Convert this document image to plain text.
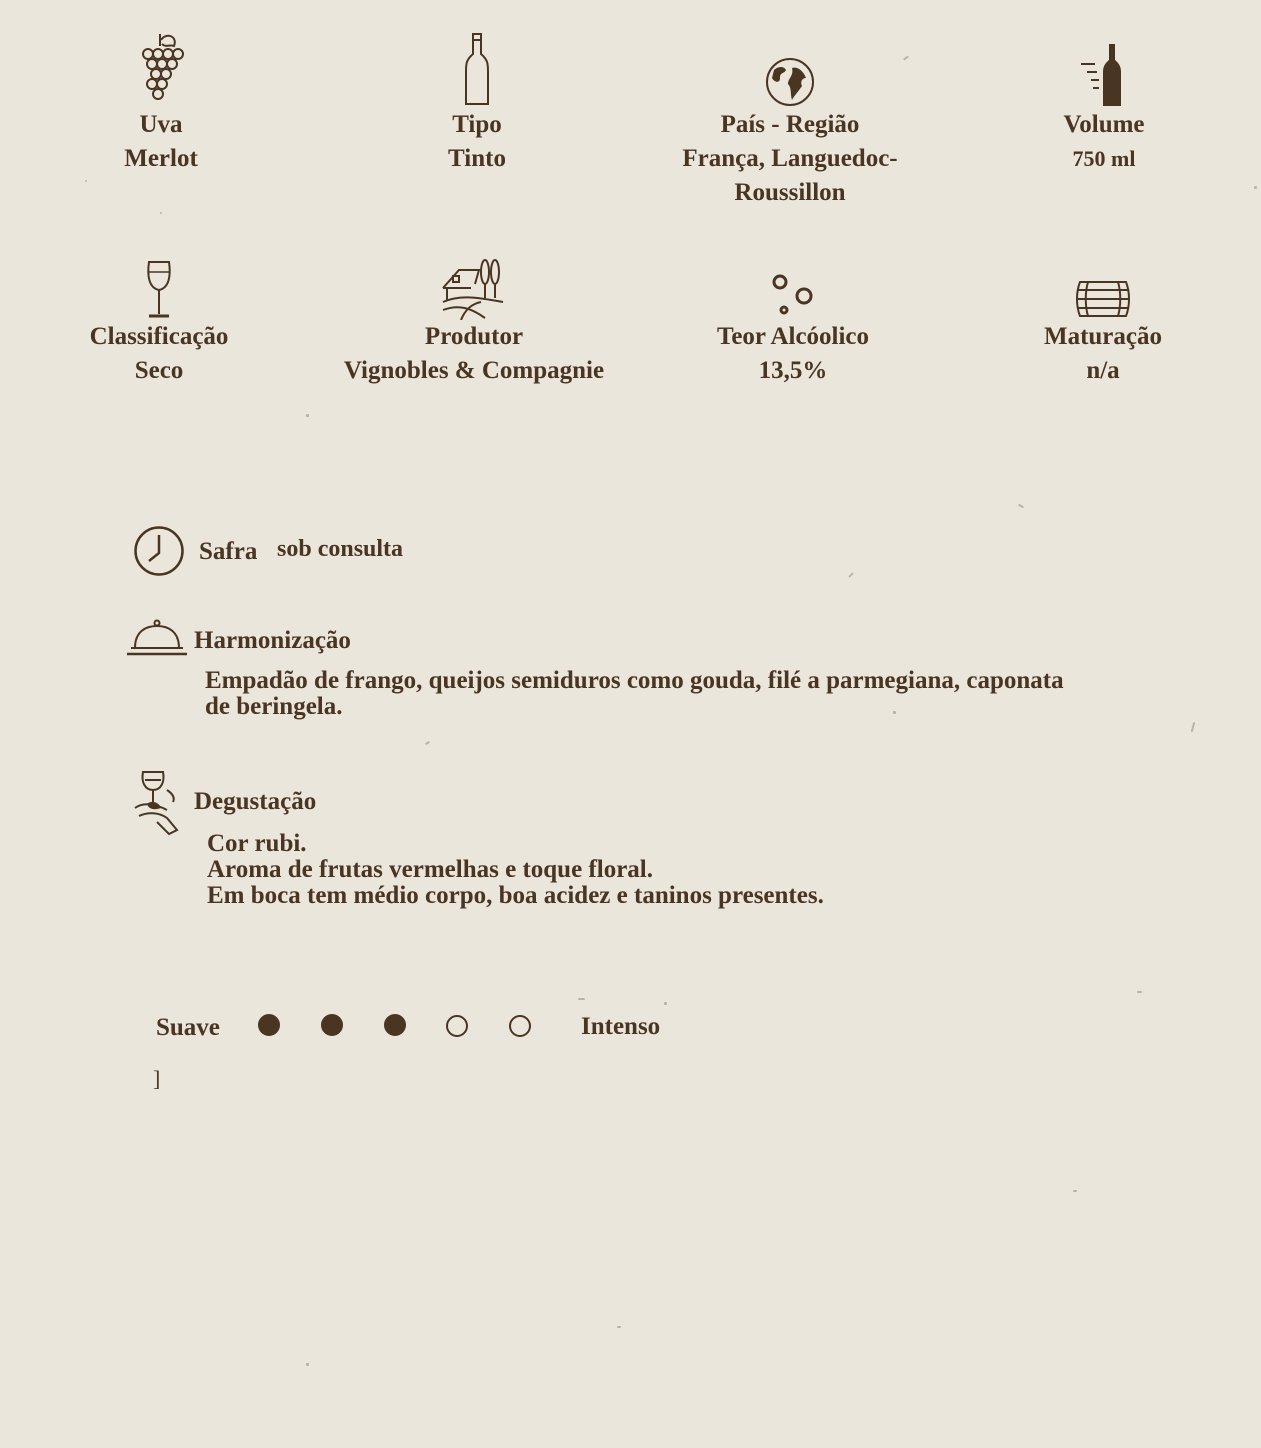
Uva
Merlot
Tipo
Tinto
País - Região
França, Languedoc-Roussillon
Volume
750 ml
Classificação
Seco
Produtor
Vignobles & Compagnie
Teor Alcóolico
13,5%
Maturação
n/a
Safra sob consulta
Harmonização
Empadão de frango, queijos semiduros como gouda, filé a parmegiana, caponata
de beringela.
Degustação
Cor rubi.
Aroma de frutas vermelhas e toque floral.
Em boca tem médio corpo, boa acidez e taninos presentes.
Suave	Intenso
]
